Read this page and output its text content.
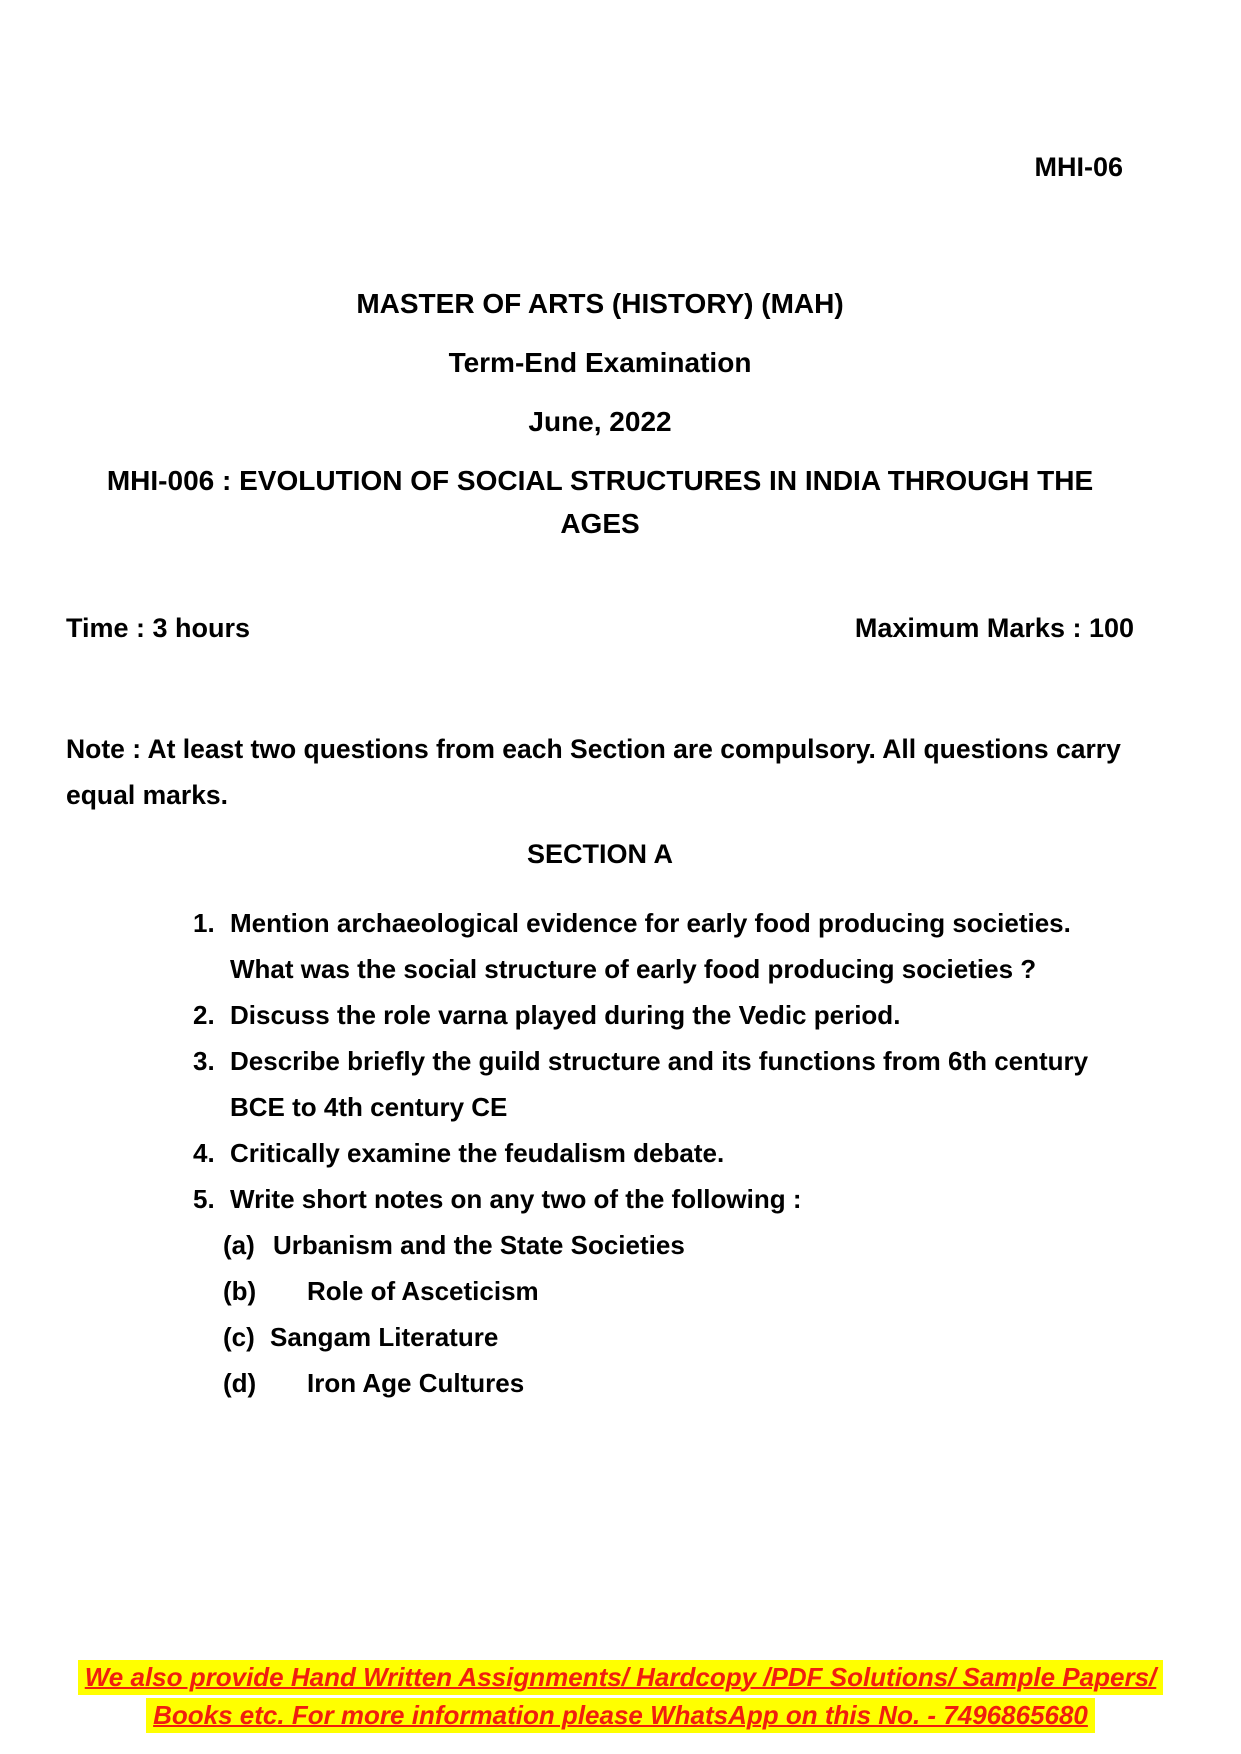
MHI-06
MASTER OF ARTS (HISTORY) (MAH)
Term-End Examination
June, 2022
MHI-006 : EVOLUTION OF SOCIAL STRUCTURES IN INDIA THROUGH THE
AGES
Time : 3 hours	Maximum Marks : 100
Note : At least two questions from each Section are compulsory. All questions carry equal marks.
SECTION A
1. Mention archaeological evidence for early food producing societies. What was the social structure of early food producing societies ?
2. Discuss the role varna played during the Vedic period.
3. Describe briefly the guild structure and its functions from 6th century BCE to 4th century CE
4. Critically examine the feudalism debate.
5. Write short notes on any two of the following :
(a) Urbanism and the State Societies
(b)	Role of Asceticism
(c) Sangam Literature
(d)	Iron Age Cultures
We also provide Hand Written Assignments/ Hardcopy /PDF Solutions/ Sample Papers/
Books etc. For more information please WhatsApp on this No. - 7496865680
